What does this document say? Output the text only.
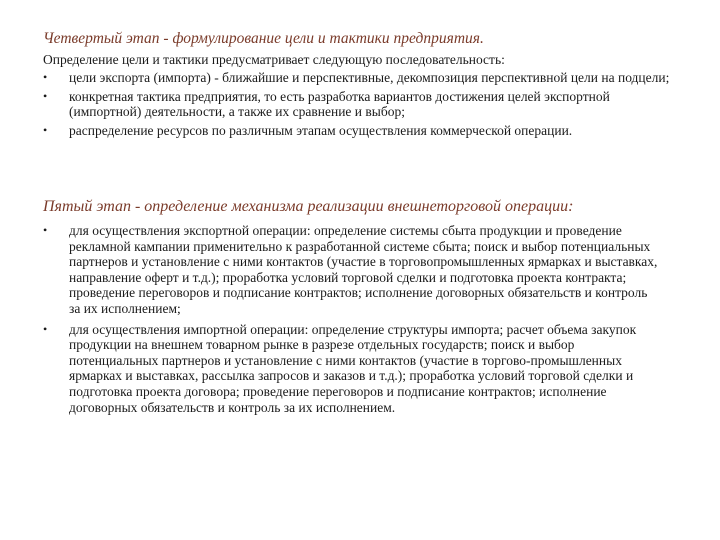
Четвертый этап - формулирование цели и тактики предприятия.
Определение цели и тактики предусматривает следующую последовательность:
•	цели экспорта (импорта) - ближайшие и перспективные, декомпозиция перспективной цели на подцели;
•	конкретная тактика предприятия, то есть разработка вариантов достижения целей экспортной (импортной) деятельности, а также их сравнение и выбор;
•	распределение ресурсов по различным этапам осуществления коммерческой операции.
Пятый этап - определение механизма реализации внешнеторговой операции:
•	для осуществления экспортной операции: определение системы сбыта продукции и проведение рекламной кампании применительно к разработанной системе сбыта; поиск и выбор потенциальных партнеров и установление с ними контактов (участие в торговопромышленных ярмарках и выставках, направление оферт и т.д.); проработка условий торговой сделки и подготовка проекта контракта; проведение переговоров и подписание контрактов; исполнение договорных обязательств и контроль за их исполнением;
•	для осуществления импортной операции: определение структуры импорта; расчет объема закупок продукции на внешнем товарном рынке в разрезе отдельных государств; поиск и выбор потенциальных партнеров и установление с ними контактов (участие в торгово-промышленных ярмарках и выставках, рассылка запросов и заказов и т.д.); проработка условий торговой сделки и подготовка проекта договора; проведение переговоров и подписание контрактов; исполнение договорных обязательств и контроль за их исполнением.
